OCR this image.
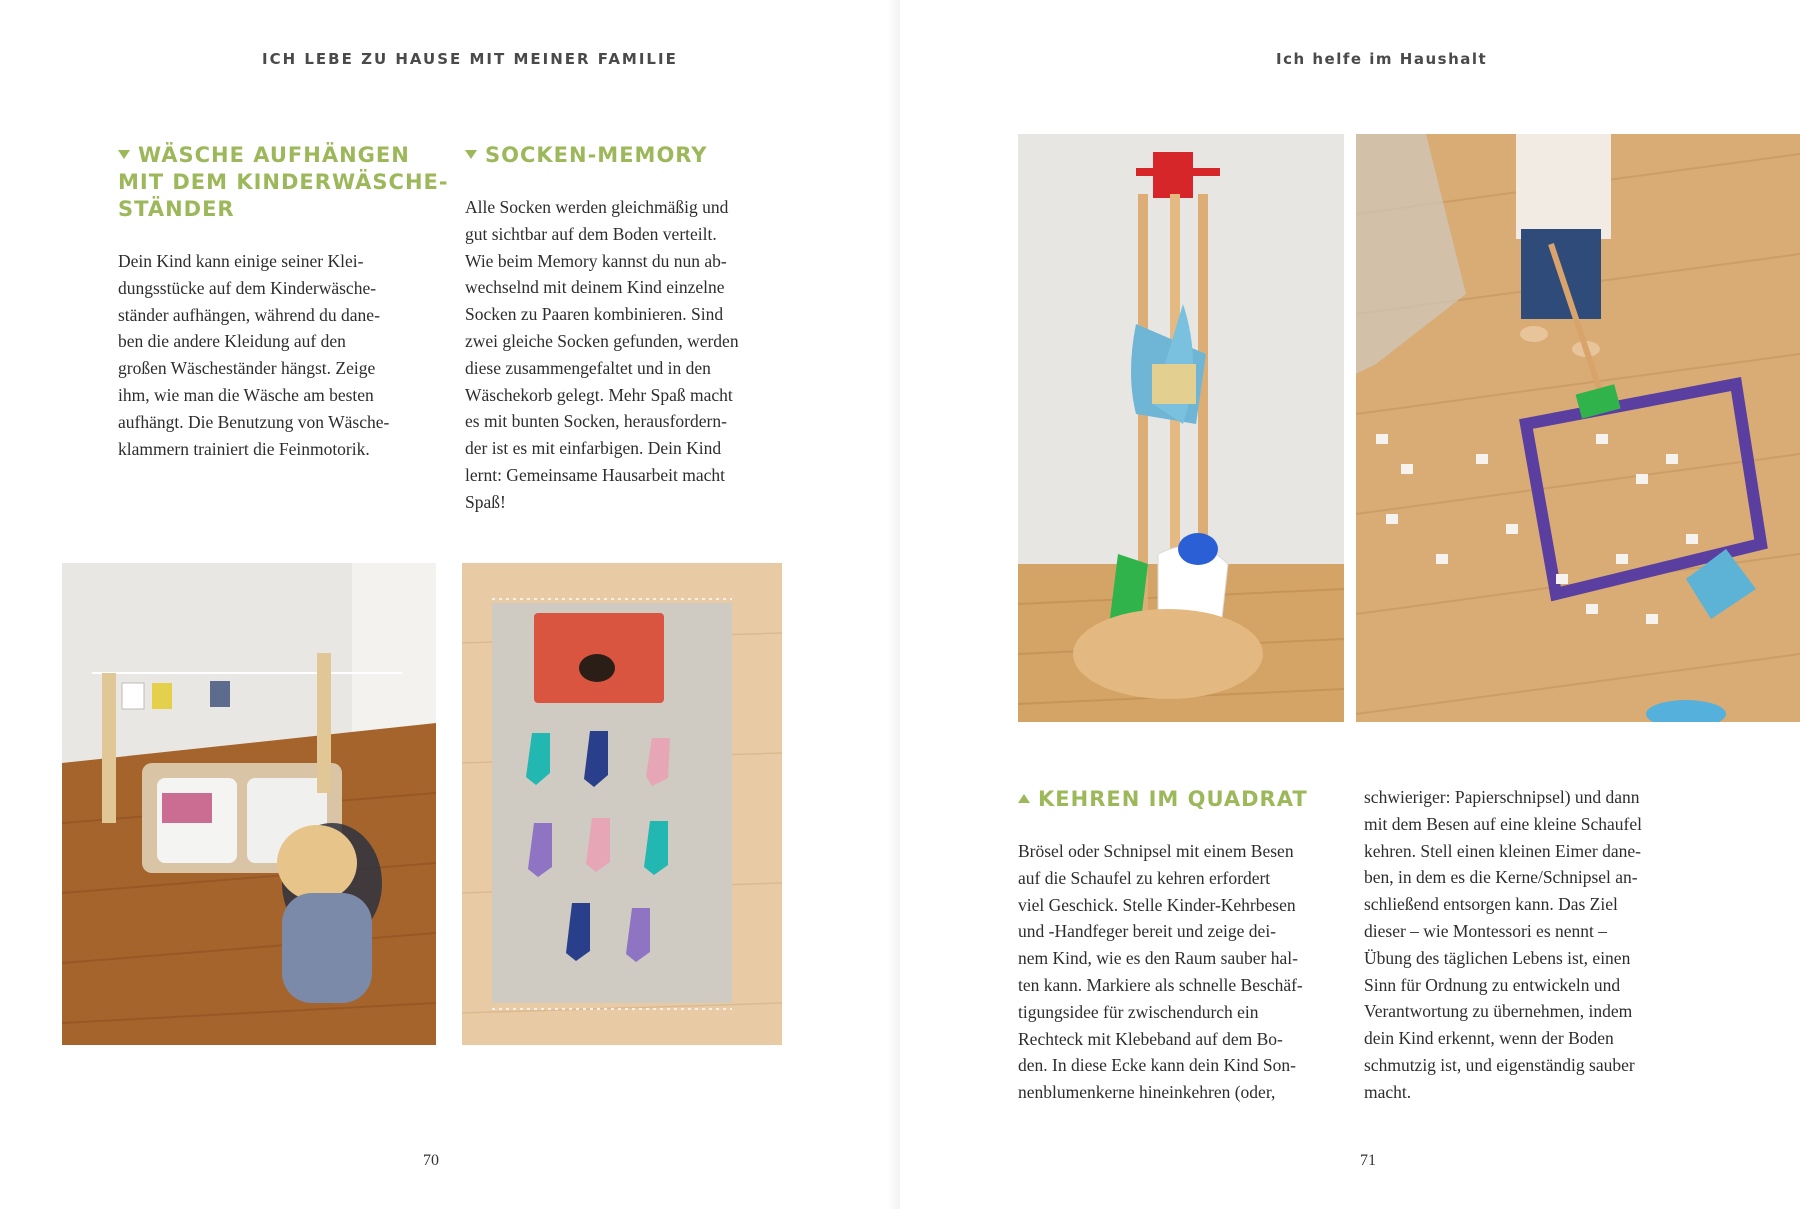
ICH LEBE ZU HAUSE MIT MEINER FAMILIE
WÄSCHE AUFHÄNGEN
MIT DEM KINDERWÄSCHE-
STÄNDER

Dein Kind kann einige seiner Klei-
dungsstücke auf dem Kinderwäsche-
ständer aufhängen, während du dane-
ben die andere Kleidung auf den
großen Wäscheständer hängst. Zeige
ihm, wie man die Wäsche am besten
aufhängt. Die Benutzung von Wäsche-
klammern trainiert die Feinmotorik.

SOCKEN-MEMORY

Alle Socken werden gleichmäßig und
gut sichtbar auf dem Boden verteilt.
Wie beim Memory kannst du nun ab-
wechselnd mit deinem Kind einzelne
Socken zu Paaren kombinieren. Sind
zwei gleiche Socken gefunden, werden
diese zusammengefaltet und in den
Wäschekorb gelegt. Mehr Spaß macht
es mit bunten Socken, herausfordern-
der ist es mit einfarbigen. Dein Kind
lernt: Gemeinsame Hausarbeit macht
Spaß!

70
Ich helfe im Haushalt
KEHREN IM QUADRAT

Brösel oder Schnipsel mit einem Besen
auf die Schaufel zu kehren erfordert
viel Geschick. Stelle Kinder-Kehrbesen
und -Handfeger bereit und zeige dei-
nem Kind, wie es den Raum sauber hal-
ten kann. Markiere als schnelle Beschäf-
tigungsidee für zwischendurch ein
Rechteck mit Klebeband auf dem Bo-
den. In diese Ecke kann dein Kind Son-
nenblumenkerne hineinkehren (oder,

schwieriger: Papierschnipsel) und dann
mit dem Besen auf eine kleine Schaufel
kehren. Stell einen kleinen Eimer dane-
ben, in dem es die Kerne/Schnipsel an-
schließend entsorgen kann. Das Ziel
dieser – wie Montessori es nennt –
Übung des täglichen Lebens ist, einen
Sinn für Ordnung zu entwickeln und
Verantwortung zu übernehmen, indem
dein Kind erkennt, wenn der Boden
schmutzig ist, und eigenständig sauber
macht.

71
